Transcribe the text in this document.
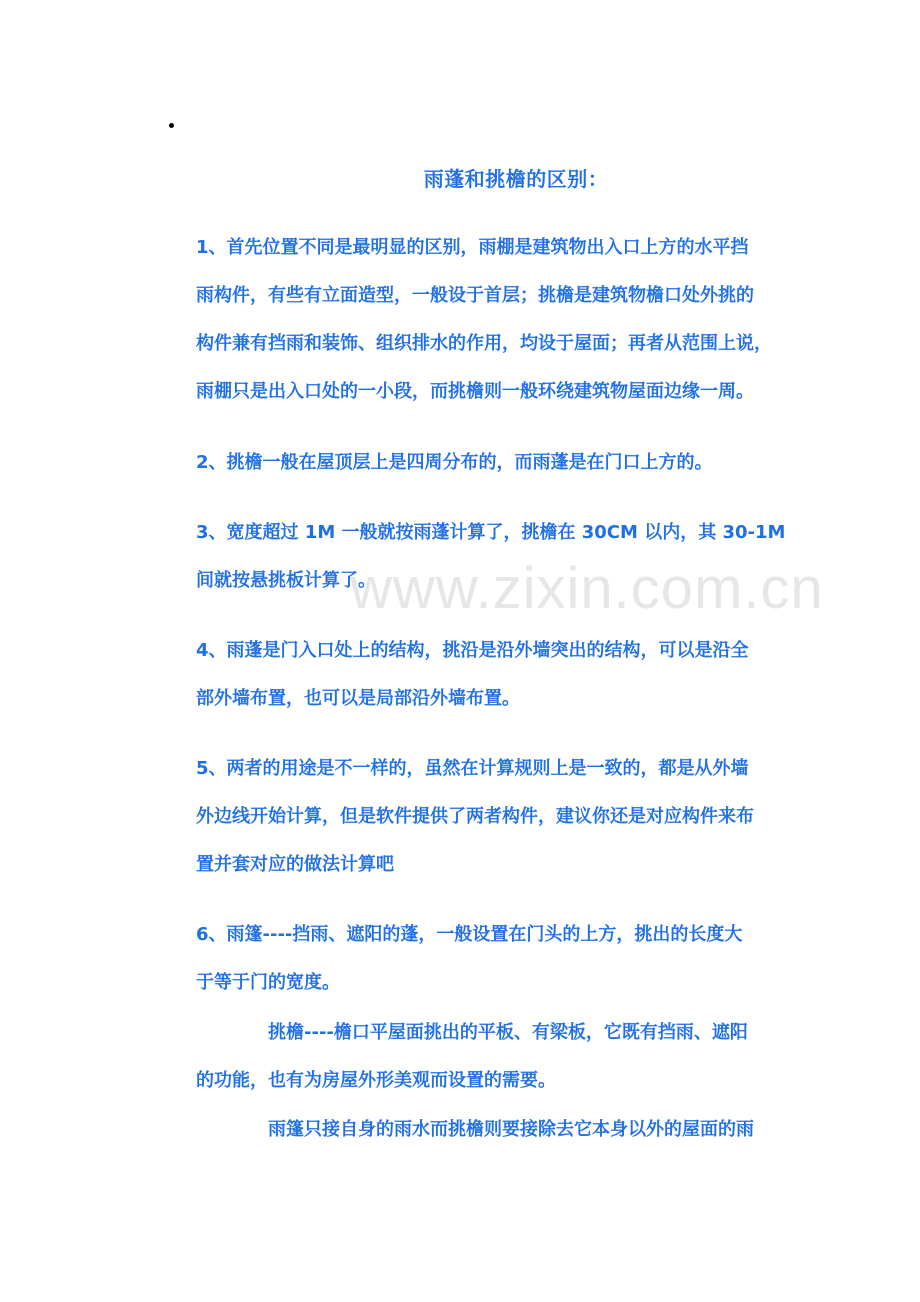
www.zixin.com.cn
雨蓬和挑檐的区别：

1、首先位置不同是最明显的区别，雨棚是建筑物出入口上方的水平挡
雨构件，有些有立面造型，一般设于首层；挑檐是建筑物檐口处外挑的
构件兼有挡雨和装饰、组织排水的作用，均设于屋面；再者从范围上说，
雨棚只是出入口处的一小段，而挑檐则一般环绕建筑物屋面边缘一周。

2、挑檐一般在屋顶层上是四周分布的，而雨蓬是在门口上方的。

3、宽度超过 1M 一般就按雨蓬计算了，挑檐在 30CM 以内，其 30-1M
间就按悬挑板计算了。

4、雨蓬是门入口处上的结构，挑沿是沿外墙突出的结构，可以是沿全
部外墙布置，也可以是局部沿外墙布置。

5、两者的用途是不一样的，虽然在计算规则上是一致的，都是从外墙
外边线开始计算，但是软件提供了两者构件，建议你还是对应构件来布
置并套对应的做法计算吧

6、雨篷----挡雨、遮阳的蓬，一般设置在门头的上方，挑出的长度大
于等于门的宽度。

挑檐----檐口平屋面挑出的平板、有梁板，它既有挡雨、遮阳
的功能，也有为房屋外形美观而设置的需要。

雨篷只接自身的雨水而挑檐则要接除去它本身以外的屋面的雨
